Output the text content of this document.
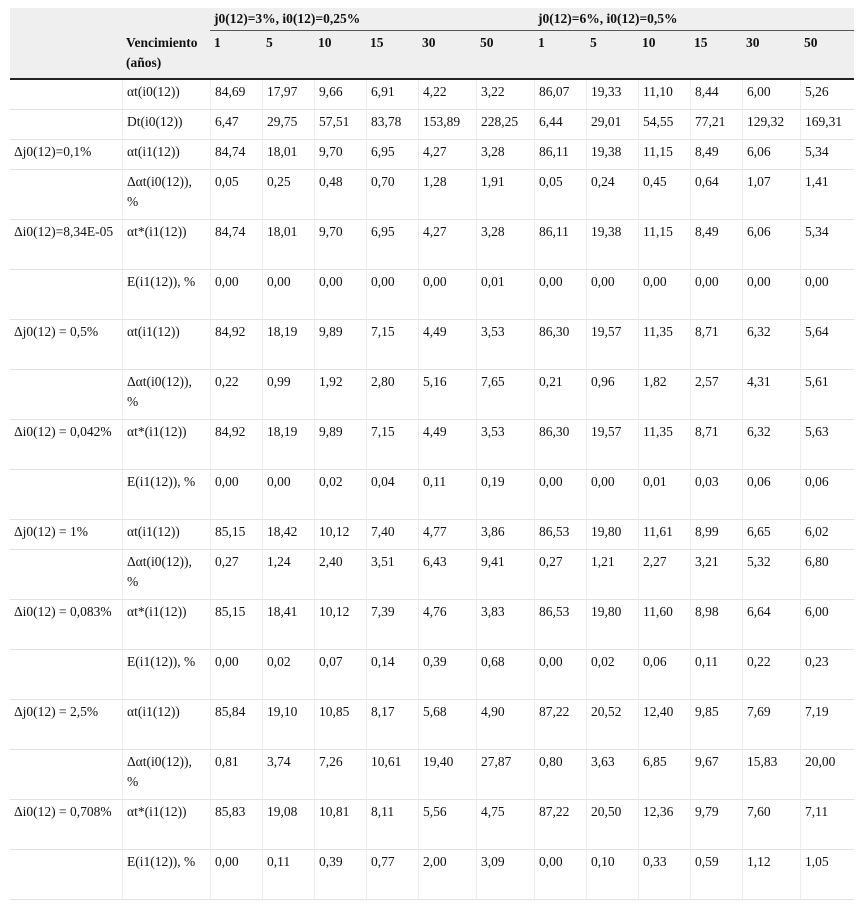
		j0(12)=3%, i0(12)=0,25%						j0(12)=6%, i0(12)=0,5%					
	Vencimiento (años)	1	5	10	15	30	50	1	5	10	15	30	50
	αt(i0(12))	84,69	17,97	9,66	6,91	4,22	3,22	86,07	19,33	11,10	8,44	6,00	5,26
	Dt(i0(12))	6,47	29,75	57,51	83,78	153,89	228,25	6,44	29,01	54,55	77,21	129,32	169,31
Δj0(12)=0,1%	αt(i1(12))	84,74	18,01	9,70	6,95	4,27	3,28	86,11	19,38	11,15	8,49	6,06	5,34
	Δαt(i0(12)), %	0,05	0,25	0,48	0,70	1,28	1,91	0,05	0,24	0,45	0,64	1,07	1,41
Δi0(12)=8,34E-05	αt*(i1(12))	84,74	18,01	9,70	6,95	4,27	3,28	86,11	19,38	11,15	8,49	6,06	5,34
	E(i1(12)), %	0,00	0,00	0,00	0,00	0,00	0,01	0,00	0,00	0,00	0,00	0,00	0,00
Δj0(12) = 0,5%	αt(i1(12))	84,92	18,19	9,89	7,15	4,49	3,53	86,30	19,57	11,35	8,71	6,32	5,64
	Δαt(i0(12)), %	0,22	0,99	1,92	2,80	5,16	7,65	0,21	0,96	1,82	2,57	4,31	5,61
Δi0(12) = 0,042%	αt*(i1(12))	84,92	18,19	9,89	7,15	4,49	3,53	86,30	19,57	11,35	8,71	6,32	5,63
	E(i1(12)), %	0,00	0,00	0,02	0,04	0,11	0,19	0,00	0,00	0,01	0,03	0,06	0,06
Δj0(12) = 1%	αt(i1(12))	85,15	18,42	10,12	7,40	4,77	3,86	86,53	19,80	11,61	8,99	6,65	6,02
	Δαt(i0(12)), %	0,27	1,24	2,40	3,51	6,43	9,41	0,27	1,21	2,27	3,21	5,32	6,80
Δi0(12) = 0,083%	αt*(i1(12))	85,15	18,41	10,12	7,39	4,76	3,83	86,53	19,80	11,60	8,98	6,64	6,00
	E(i1(12)), %	0,00	0,02	0,07	0,14	0,39	0,68	0,00	0,02	0,06	0,11	0,22	0,23
Δj0(12) = 2,5%	αt(i1(12))	85,84	19,10	10,85	8,17	5,68	4,90	87,22	20,52	12,40	9,85	7,69	7,19
	Δαt(i0(12)), %	0,81	3,74	7,26	10,61	19,40	27,87	0,80	3,63	6,85	9,67	15,83	20,00
Δi0(12) = 0,708%	αt*(i1(12))	85,83	19,08	10,81	8,11	5,56	4,75	87,22	20,50	12,36	9,79	7,60	7,11
	E(i1(12)), %	0,00	0,11	0,39	0,77	2,00	3,09	0,00	0,10	0,33	0,59	1,12	1,05
